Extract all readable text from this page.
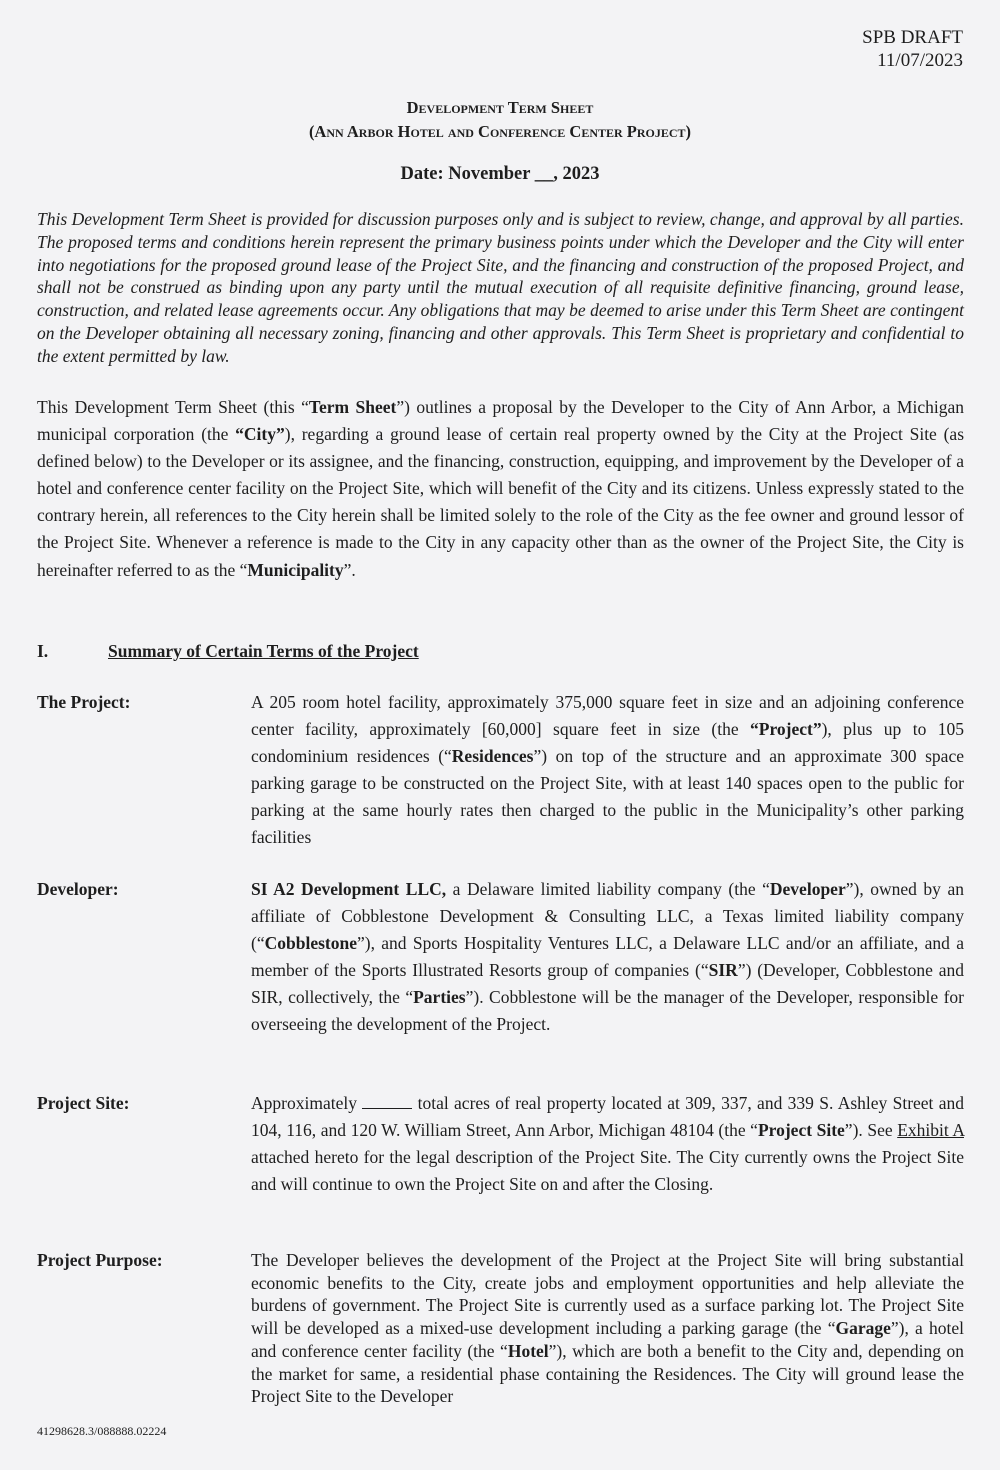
SPB DRAFT
11/07/2023
Development Term Sheet
(Ann Arbor Hotel and Conference Center Project)
Date: November __, 2023

This Development Term Sheet is provided for discussion purposes only and is subject to review, change, and approval by all parties. The proposed terms and conditions herein represent the primary business points under which the Developer and the City will enter into negotiations for the proposed ground lease of the Project Site, and the financing and construction of the proposed Project, and shall not be construed as binding upon any party until the mutual execution of all requisite definitive financing, ground lease, construction, and related lease agreements occur. Any obligations that may be deemed to arise under this Term Sheet are contingent on the Developer obtaining all necessary zoning, financing and other approvals. This Term Sheet is proprietary and confidential to the extent permitted by law.

This Development Term Sheet (this “Term Sheet”) outlines a proposal by the Developer to the City of Ann Arbor, a Michigan municipal corporation (the “City”), regarding a ground lease of certain real property owned by the City at the Project Site (as defined below) to the Developer or its assignee, and the financing, construction, equipping, and improvement by the Developer of a hotel and conference center facility on the Project Site, which will benefit of the City and its citizens. Unless expressly stated to the contrary herein, all references to the City herein shall be limited solely to the role of the City as the fee owner and ground lessor of the Project Site. Whenever a reference is made to the City in any capacity other than as the owner of the Project Site, the City is hereinafter referred to as the “Municipality”.

I.	Summary of Certain Terms of the Project
The Project:	A 205 room hotel facility, approximately 375,000 square feet in size and an adjoining conference center facility, approximately [60,000] square feet in size (the “Project”), plus up to 105 condominium residences (“Residences”) on top of the structure and an approximate 300 space parking garage to be constructed on the Project Site, with at least 140 spaces open to the public for parking at the same hourly rates then charged to the public in the Municipality’s other parking facilities

Developer:	SI A2 Development LLC, a Delaware limited liability company (the “Developer”), owned by an affiliate of Cobblestone Development & Consulting LLC, a Texas limited liability company (“Cobblestone”), and Sports Hospitality Ventures LLC, a Delaware LLC and/or an affiliate, and a member of the Sports Illustrated Resorts group of companies (“SIR”) (Developer, Cobblestone and SIR, collectively, the “Parties”). Cobblestone will be the manager of the Developer, responsible for overseeing the development of the Project.

Project Site:	Approximately	total acres of real property located at 309, 337, and 339 S. Ashley Street and 104, 116, and 120 W. William Street, Ann Arbor, Michigan 48104 (the “Project Site”). See Exhibit A attached hereto for the legal description of the Project Site. The City currently owns the Project Site and will continue to own the Project Site on and after the Closing.

Project Purpose:	The Developer believes the development of the Project at the Project Site will bring substantial economic benefits to the City, create jobs and employment opportunities and help alleviate the burdens of government. The Project Site is currently used as a surface parking lot. The Project Site will be developed as a mixed-use development including a parking garage (the “Garage”), a hotel and conference center facility (the “Hotel”), which are both a benefit to the City and, depending on the market for same, a residential phase containing the Residences. The City will ground lease the Project Site to the Developer

41298628.3/088888.02224
